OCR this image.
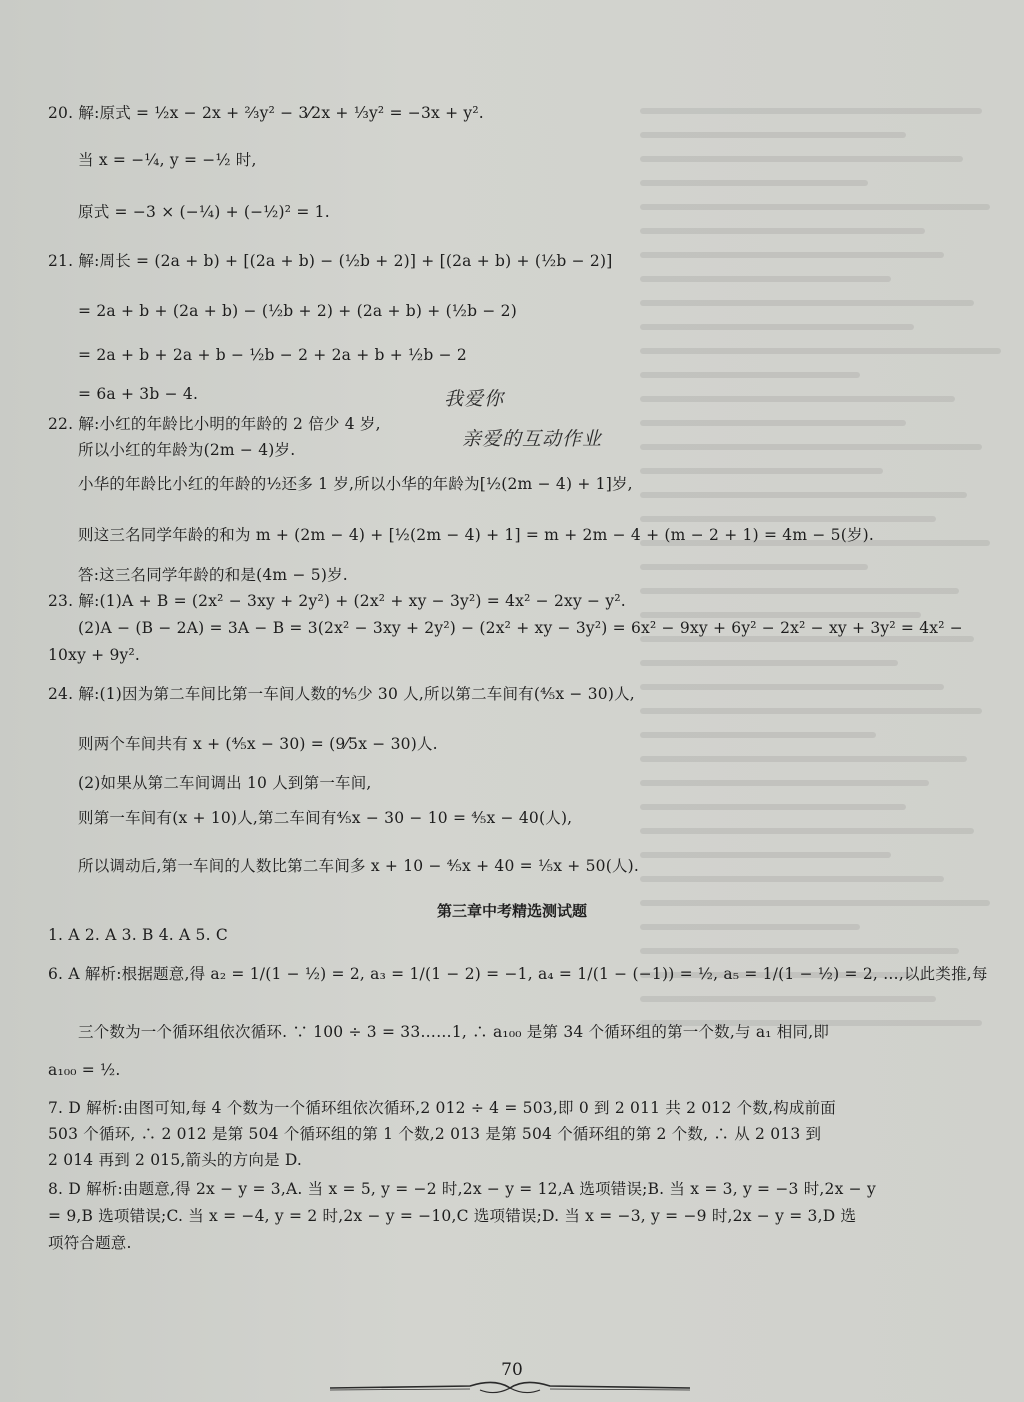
20. 解:原式 = ½x − 2x + ⅔y² − 3⁄2x + ⅓y² = −3x + y².
当 x = −¼, y = −½ 时,
原式 = −3 × (−¼) + (−½)² = 1.
21. 解:周长 = (2a + b) + [(2a + b) − (½b + 2)] + [(2a + b) + (½b − 2)]
= 2a + b + (2a + b) − (½b + 2) + (2a + b) + (½b − 2)
= 2a + b + 2a + b − ½b − 2 + 2a + b + ½b − 2
= 6a + 3b − 4.	我爱你
亲爱的互动作业
22. 解:小红的年龄比小明的年龄的 2 倍少 4 岁,
所以小红的年龄为(2m − 4)岁.
小华的年龄比小红的年龄的½还多 1 岁,所以小华的年龄为[½(2m − 4) + 1]岁,
则这三名同学年龄的和为 m + (2m − 4) + [½(2m − 4) + 1] = m + 2m − 4 + (m − 2 + 1) = 4m − 5(岁).
答:这三名同学年龄的和是(4m − 5)岁.
23. 解:(1)A + B = (2x² − 3xy + 2y²) + (2x² + xy − 3y²) = 4x² − 2xy − y².
(2)A − (B − 2A) = 3A − B = 3(2x² − 3xy + 2y²) − (2x² + xy − 3y²) = 6x² − 9xy + 6y² − 2x² − xy + 3y² = 4x² −
10xy + 9y².
24. 解:(1)因为第二车间比第一车间人数的⅘少 30 人,所以第二车间有(⅘x − 30)人,
则两个车间共有 x + (⅘x − 30) = (9⁄5x − 30)人.
(2)如果从第二车间调出 10 人到第一车间,
则第一车间有(x + 10)人,第二车间有⅘x − 30 − 10 = ⅘x − 40(人),
所以调动后,第一车间的人数比第二车间多 x + 10 − ⅘x + 40 = ⅕x + 50(人).
第三章中考精选测试题
1. A 2. A 3. B 4. A 5. C
6. A 解析:根据题意,得 a₂ = 1/(1 − ½) = 2, a₃ = 1/(1 − 2) = −1, a₄ = 1/(1 − (−1)) = ½, a₅ = 1/(1 − ½) = 2, …,以此类推,每
三个数为一个循环组依次循环. ∵ 100 ÷ 3 = 33……1, ∴ a₁₀₀ 是第 34 个循环组的第一个数,与 a₁ 相同,即
a₁₀₀ = ½.
7. D 解析:由图可知,每 4 个数为一个循环组依次循环,2 012 ÷ 4 = 503,即 0 到 2 011 共 2 012 个数,构成前面
503 个循环, ∴ 2 012 是第 504 个循环组的第 1 个数,2 013 是第 504 个循环组的第 2 个数, ∴ 从 2 013 到
2 014 再到 2 015,箭头的方向是 D.
8. D 解析:由题意,得 2x − y = 3,A. 当 x = 5, y = −2 时,2x − y = 12,A 选项错误;B. 当 x = 3, y = −3 时,2x − y
= 9,B 选项错误;C. 当 x = −4, y = 2 时,2x − y = −10,C 选项错误;D. 当 x = −3, y = −9 时,2x − y = 3,D 选
项符合题意.
70
